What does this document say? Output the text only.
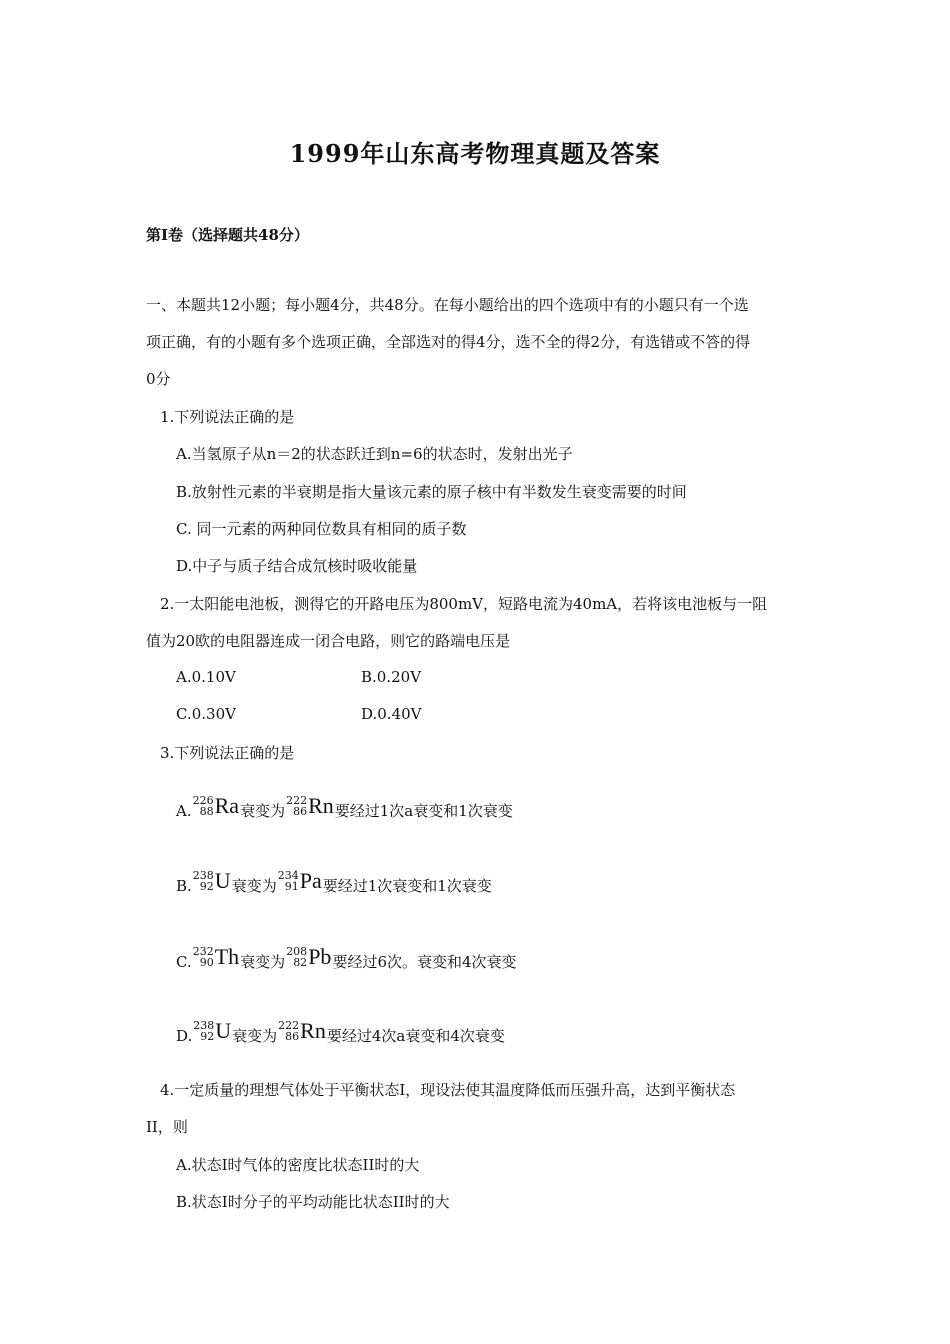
1999年山东高考物理真题及答案
第Ⅰ卷（选择题共48分）
一、本题共12小题；每小题4分，共48分。在每小题给出的四个选项中有的小题只有一个选
项正确，有的小题有多个选项正确，全部选对的得4分，选不全的得2分，有选错或不答的得
0分
1.下列说法正确的是
A.当氢原子从n＝2的状态跃迁到n=6的状态时，发射出光子
B.放射性元素的半衰期是指大量该元素的原子核中有半数发生衰变需要的时间
C. 同一元素的两种同位数具有相同的质子数
D.中子与质子结合成氘核时吸收能量
2.一太阳能电池板，测得它的开路电压为800mV，短路电流为40mA，若将该电池板与一阻
值为20欧的电阻器连成一闭合电路，则它的路端电压是
A.0.10V	B.0.20V
C.0.30V	D.0.40V
3.下列说法正确的是
A.
226
88 Ra 衰变为
222
86 Rn 要经过1次a衰变和1次衰变
B.
238
92 U 衰变为
234
91 Pa 要经过1次衰变和1次衰变
C.
232
90 Th 衰变为
208
82 Pb 要经过6次。衰变和4次衰变
D.
238
92 U 衰变为
222
86 Rn 要经过4次a衰变和4次衰变
4.一定质量的理想气体处于平衡状态I，现设法使其温度降低而压强升高，达到平衡状态
II，则
A.状态I时气体的密度比状态II时的大
B.状态I时分子的平均动能比状态II时的大
